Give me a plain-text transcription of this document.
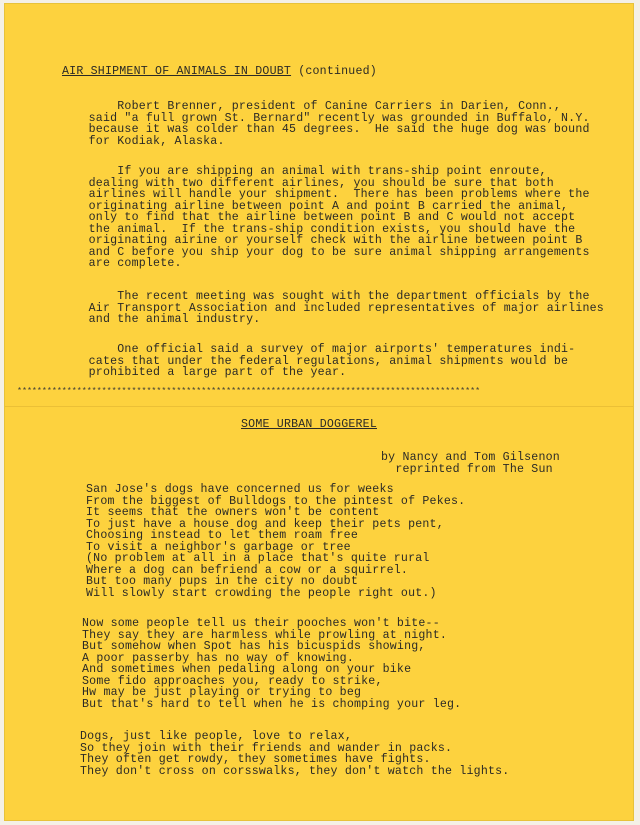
AIR SHIPMENT OF ANIMALS IN DOUBT (continued)
Robert Brenner, president of Canine Carriers in Darien, Conn.,
said "a full grown St. Bernard" recently was grounded in Buffalo, N.Y.
because it was colder than 45 degrees.  He said the huge dog was bound
for Kodiak, Alaska.
If you are shipping an animal with trans-ship point enroute,
dealing with two different airlines, you should be sure that both
airlines will handle your shipment.  There has been problems where the
originating airline between point A and point B carried the animal,
only to find that the airline between point B and C would not accept
the animal.  If the trans-ship condition exists, you should have the
originating airine or yourself check with the airline between point B
and C before you ship your dog to be sure animal shipping arrangements
are complete.
The recent meeting was sought with the department officials by the
Air Transport Association and included representatives of major airlines
and the animal industry.
One official said a survey of major airports' temperatures indi-
cates that under the federal regulations, animal shipments would be
prohibited a large part of the year.
*********************************************************************************************
SOME URBAN DOGGEREL
by Nancy and Tom Gilsenon
reprinted from The Sun
San Jose's dogs have concerned us for weeks
From the biggest of Bulldogs to the pintest of Pekes.
It seems that the owners won't be content
To just have a house dog and keep their pets pent,
Choosing instead to let them roam free
To visit a neighbor's garbage or tree
(No problem at all in a place that's quite rural
Where a dog can befriend a cow or a squirrel.
But too many pups in the city no doubt
Will slowly start crowding the people right out.)
Now some people tell us their pooches won't bite--
They say they are harmless while prowling at night.
But somehow when Spot has his bicuspids showing,
A poor passerby has no way of knowing.
And sometimes when pedaling along on your bike
Some fido approaches you, ready to strike,
Hw may be just playing or trying to beg
But that's hard to tell when he is chomping your leg.
Dogs, just like people, love to relax,
So they join with their friends and wander in packs.
They often get rowdy, they sometimes have fights.
They don't cross on corsswalks, they don't watch the lights.
